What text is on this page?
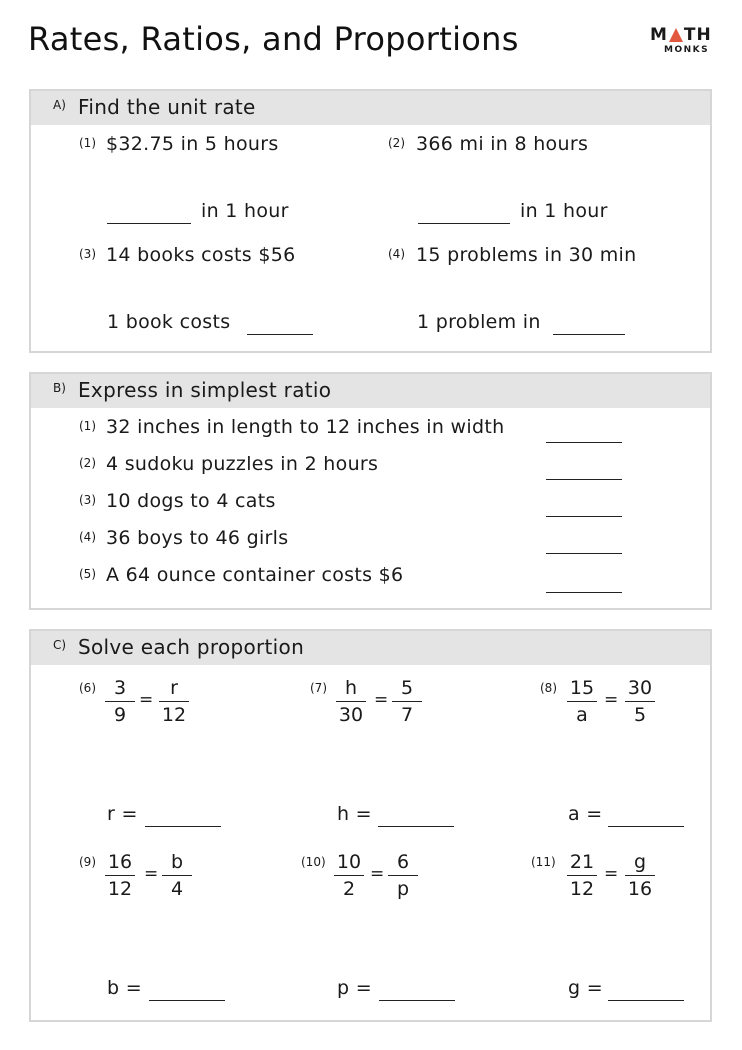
Rates, Ratios, and Proportions	M TH
MONKS
A) Find the unit rate
(1) $32.75 in 5 hours
in 1 hour
(2) 366 mi in 8 hours
in 1 hour
(3) 14 books costs $56
1 book costs
(4) 15 problems in 30 min
1 problem in
B) Express in simplest ratio
(1) 32 inches in length to 12 inches in width
(2) 4 sudoku puzzles in 2 hours
(3) 10 dogs to 4 cats
(4) 36 boys to 46 girls
(5) A 64 ounce container costs $6
C) Solve each proportion
(6) 3
9
=
r
12
r =
(7) h
30
=
5
7
h =
(8) 15
a
=
30
5
a =
(9) 16
12
=
b
4
b =
(10) 10
2
=
6
p
p =
(11) 21
12
=
g
16
g =
